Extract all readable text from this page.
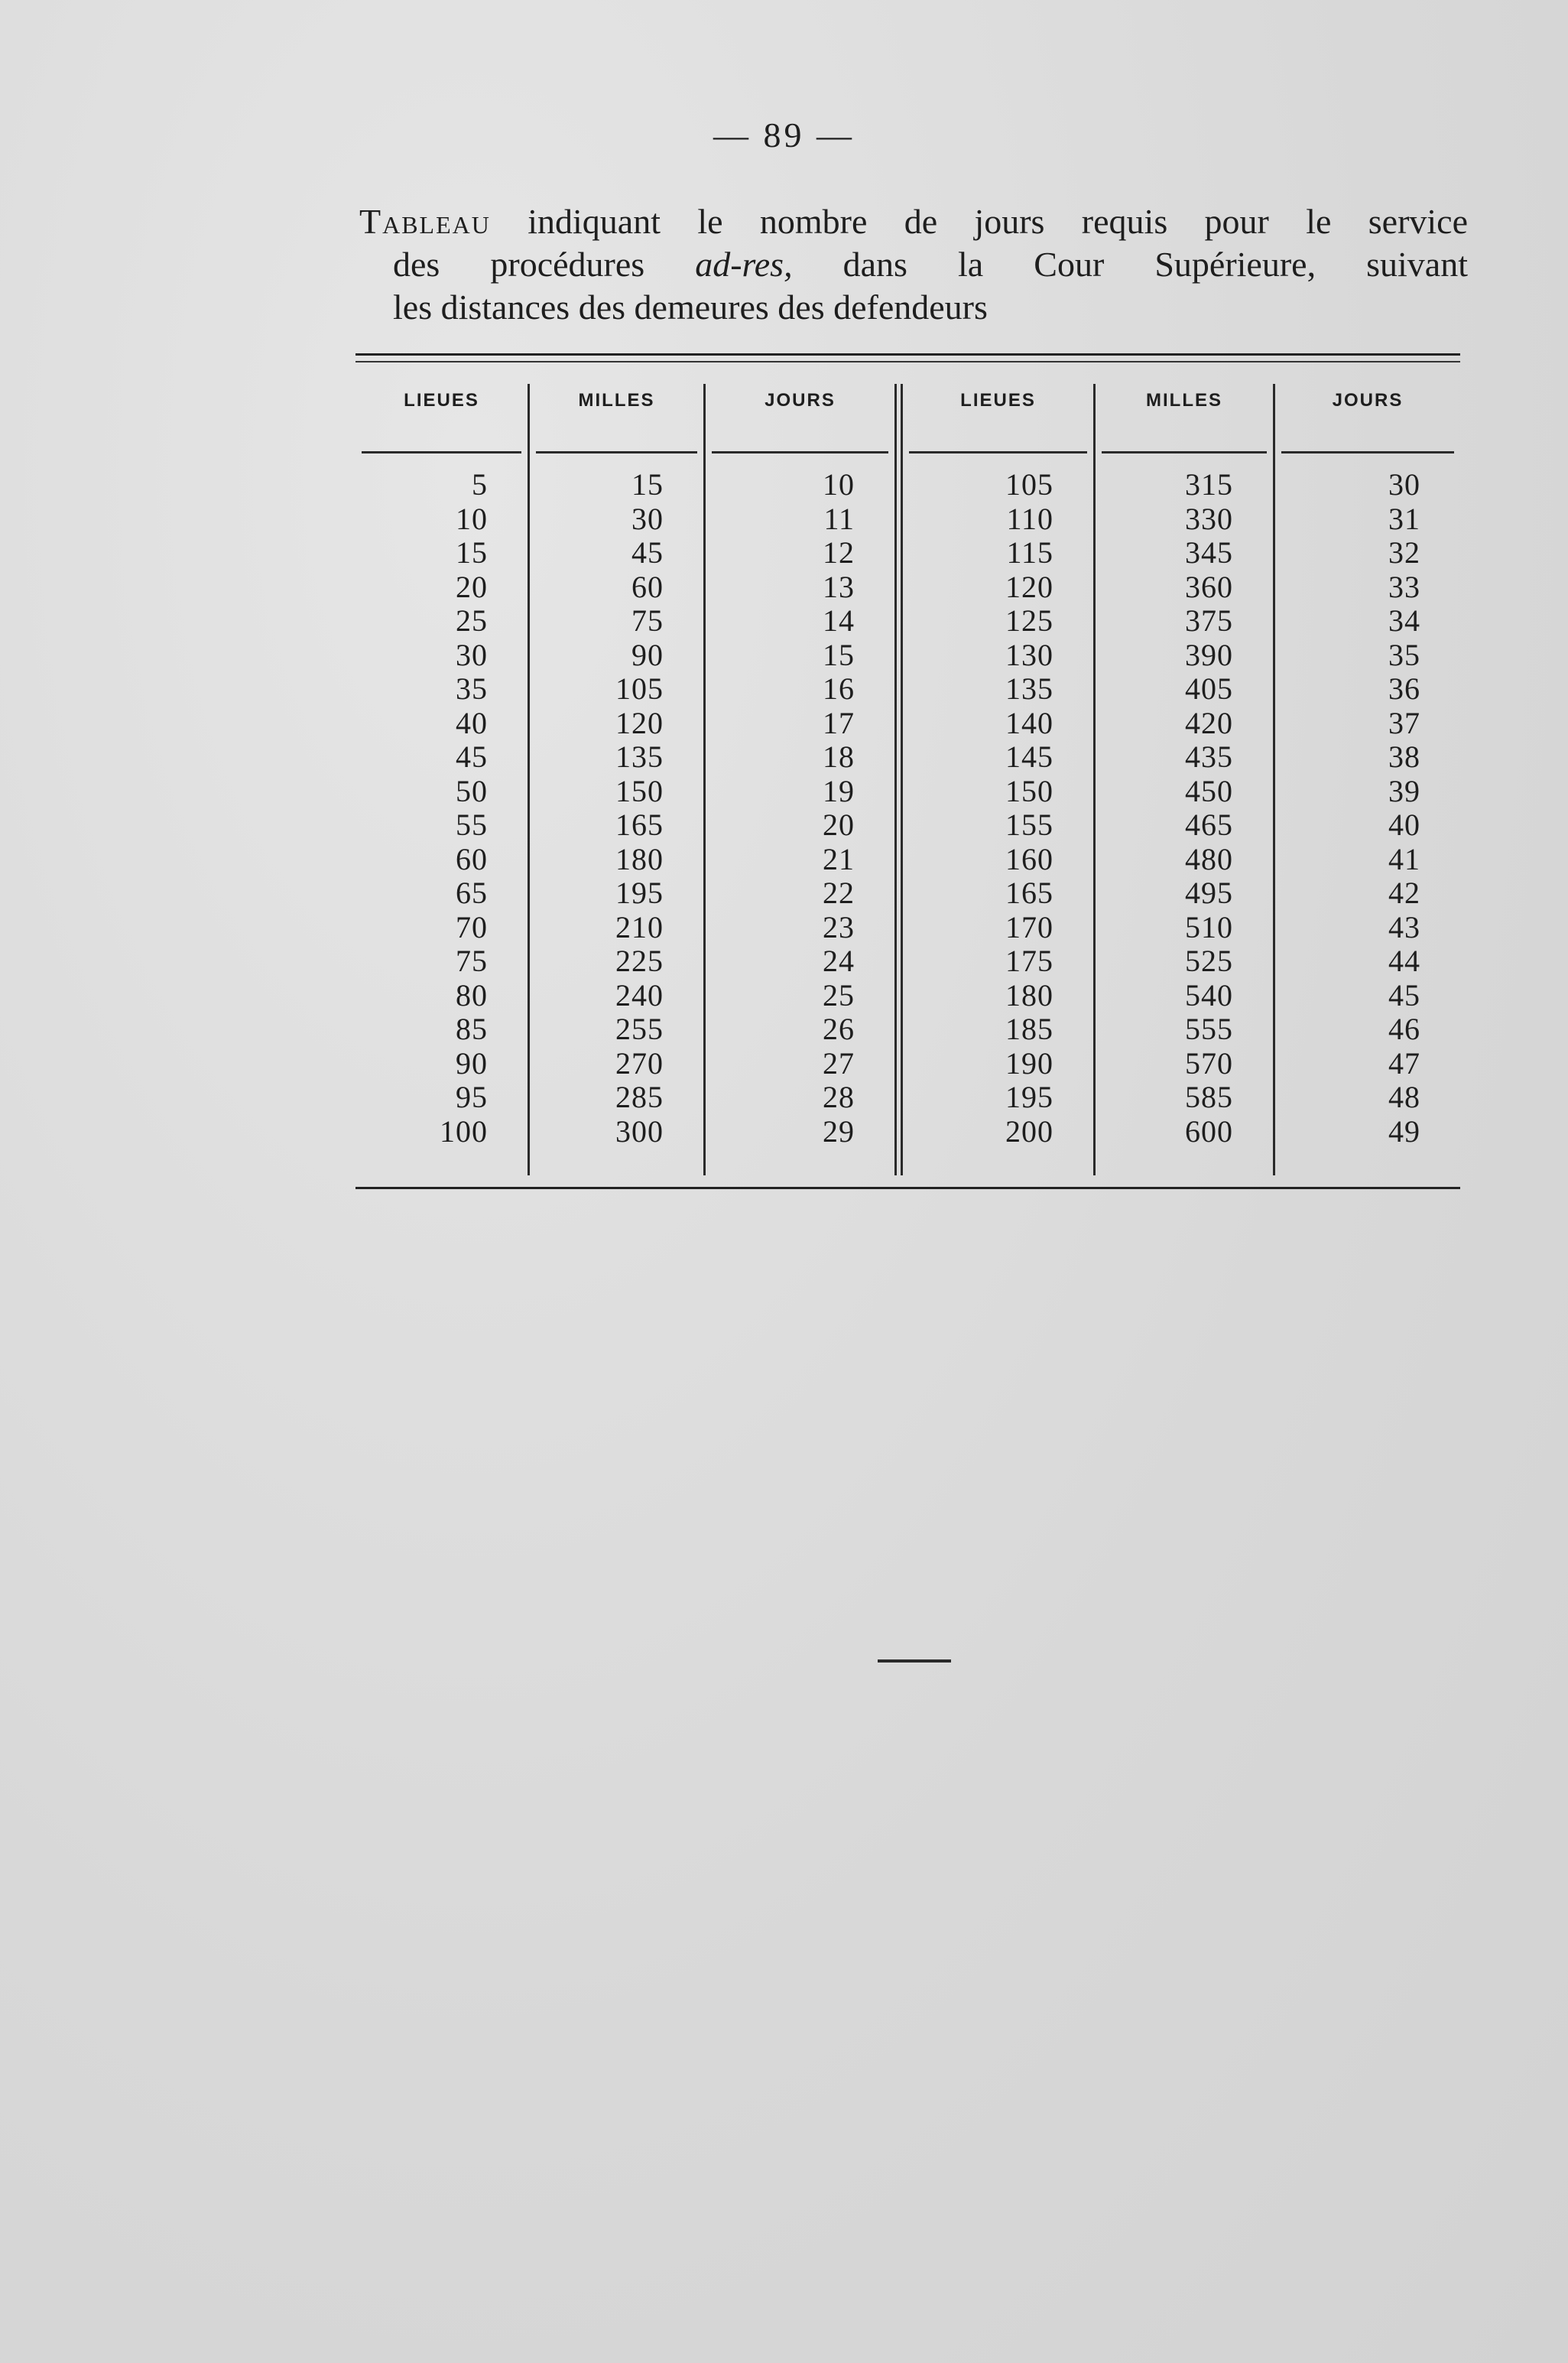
— 89 —
Tableau indiquant le nombre de jours requis pour le service
des procédures ad-res, dans la Cour Supérieure, suivant
les distances des demeures des defendeurs
LIEUES
5
10
15
20
25
30
35
40
45
50
55
60
65
70
75
80
85
90
95
100
MILLES
15
30
45
60
75
90
105
120
135
150
165
180
195
210
225
240
255
270
285
300
JOURS
10
11
12
13
14
15
16
17
18
19
20
21
22
23
24
25
26
27
28
29
LIEUES
105
110
115
120
125
130
135
140
145
150
155
160
165
170
175
180
185
190
195
200
MILLES
315
330
345
360
375
390
405
420
435
450
465
480
495
510
525
540
555
570
585
600
JOURS
30
31
32
33
34
35
36
37
38
39
40
41
42
43
44
45
46
47
48
49
